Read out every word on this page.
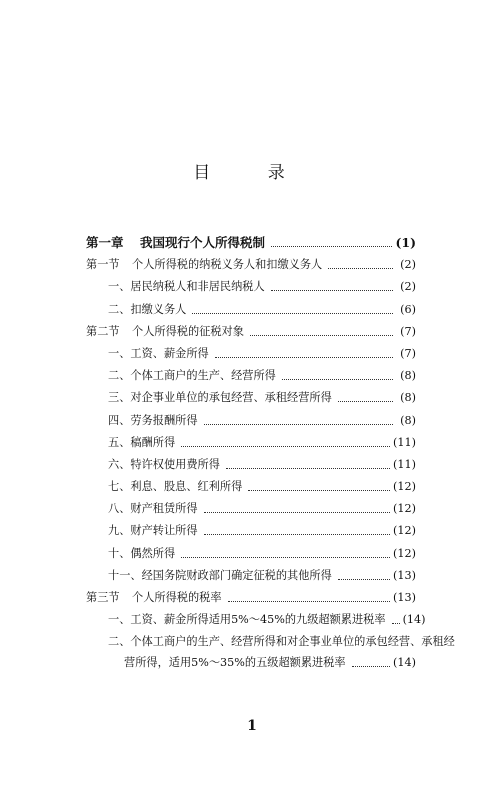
目 录
第一章 我国现行个人所得税制	(1)
第一节 个人所得税的纳税义务人和扣缴义务人	(2)
一、居民纳税人和非居民纳税人	(2)
二、扣缴义务人	(6)
第二节 个人所得税的征税对象	(7)
一、工资、薪金所得	(7)
二、个体工商户的生产、经营所得	(8)
三、对企事业单位的承包经营、承租经营所得	(8)
四、劳务报酬所得	(8)
五、稿酬所得	(11)
六、特许权使用费所得	(11)
七、利息、股息、红利所得	(12)
八、财产租赁所得	(12)
九、财产转让所得	(12)
十、偶然所得	(12)
十一、经国务院财政部门确定征税的其他所得	(13)
第三节 个人所得税的税率	(13)
一、工资、薪金所得适用5%～45%的九级超额累进税率	(14)
二、个体工商户的生产、经营所得和对企事业单位的承包经营、承租经
营所得，适用5%～35%的五级超额累进税率	(14)
1
